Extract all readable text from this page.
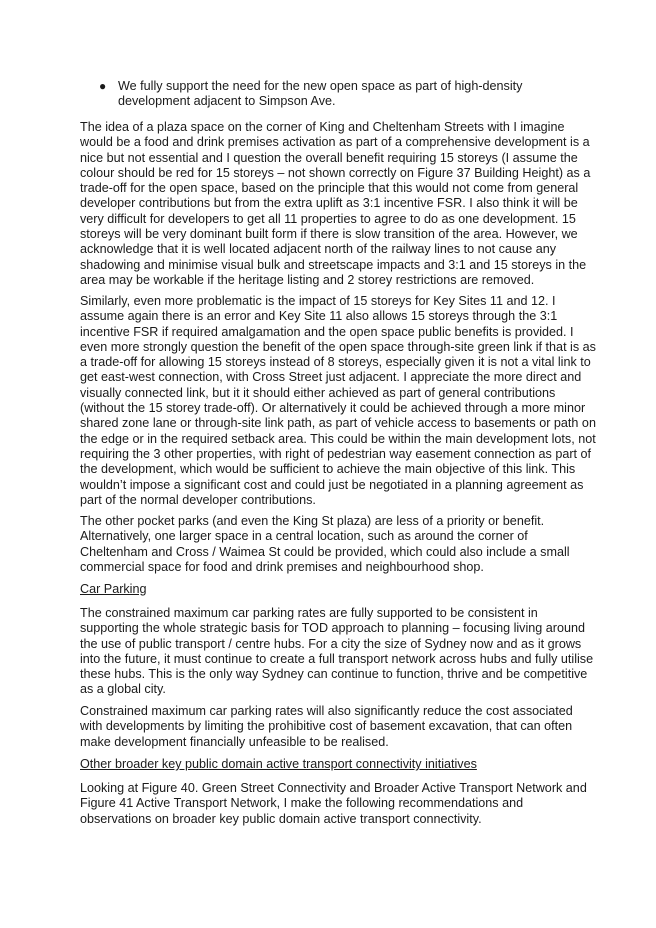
● We fully support the need for the new open space as part of high-density
development adjacent to Simpson Ave.
The idea of a plaza space on the corner of King and Cheltenham Streets with I imagine
would be a food and drink premises activation as part of a comprehensive development is a
nice but not essential and I question the overall benefit requiring 15 storeys (I assume the
colour should be red for 15 storeys – not shown correctly on Figure 37 Building Height) as a
trade-off for the open space, based on the principle that this would not come from general
developer contributions but from the extra uplift as 3:1 incentive FSR. I also think it will be
very difficult for developers to get all 11 properties to agree to do as one development. 15
storeys will be very dominant built form if there is slow transition of the area. However, we
acknowledge that it is well located adjacent north of the railway lines to not cause any
shadowing and minimise visual bulk and streetscape impacts and 3:1 and 15 storeys in the
area may be workable if the heritage listing and 2 storey restrictions are removed.
Similarly, even more problematic is the impact of 15 storeys for Key Sites 11 and 12. I
assume again there is an error and Key Site 11 also allows 15 storeys through the 3:1
incentive FSR if required amalgamation and the open space public benefits is provided. I
even more strongly question the benefit of the open space through-site green link if that is as
a trade-off for allowing 15 storeys instead of 8 storeys, especially given it is not a vital link to
get east-west connection, with Cross Street just adjacent. I appreciate the more direct and
visually connected link, but it it should either achieved as part of general contributions
(without the 15 storey trade-off). Or alternatively it could be achieved through a more minor
shared zone lane or through-site link path, as part of vehicle access to basements or path on
the edge or in the required setback area. This could be within the main development lots, not
requiring the 3 other properties, with right of pedestrian way easement connection as part of
the development, which would be sufficient to achieve the main objective of this link. This
wouldn’t impose a significant cost and could just be negotiated in a planning agreement as
part of the normal developer contributions.
The other pocket parks (and even the King St plaza) are less of a priority or benefit.
Alternatively, one larger space in a central location, such as around the corner of
Cheltenham and Cross / Waimea St could be provided, which could also include a small
commercial space for food and drink premises and neighbourhood shop.
Car Parking
The constrained maximum car parking rates are fully supported to be consistent in
supporting the whole strategic basis for TOD approach to planning – focusing living around
the use of public transport / centre hubs. For a city the size of Sydney now and as it grows
into the future, it must continue to create a full transport network across hubs and fully utilise
these hubs. This is the only way Sydney can continue to function, thrive and be competitive
as a global city.
Constrained maximum car parking rates will also significantly reduce the cost associated
with developments by limiting the prohibitive cost of basement excavation, that can often
make development financially unfeasible to be realised.
Other broader key public domain active transport connectivity initiatives
Looking at Figure 40. Green Street Connectivity and Broader Active Transport Network and
Figure 41 Active Transport Network, I make the following recommendations and
observations on broader key public domain active transport connectivity.
